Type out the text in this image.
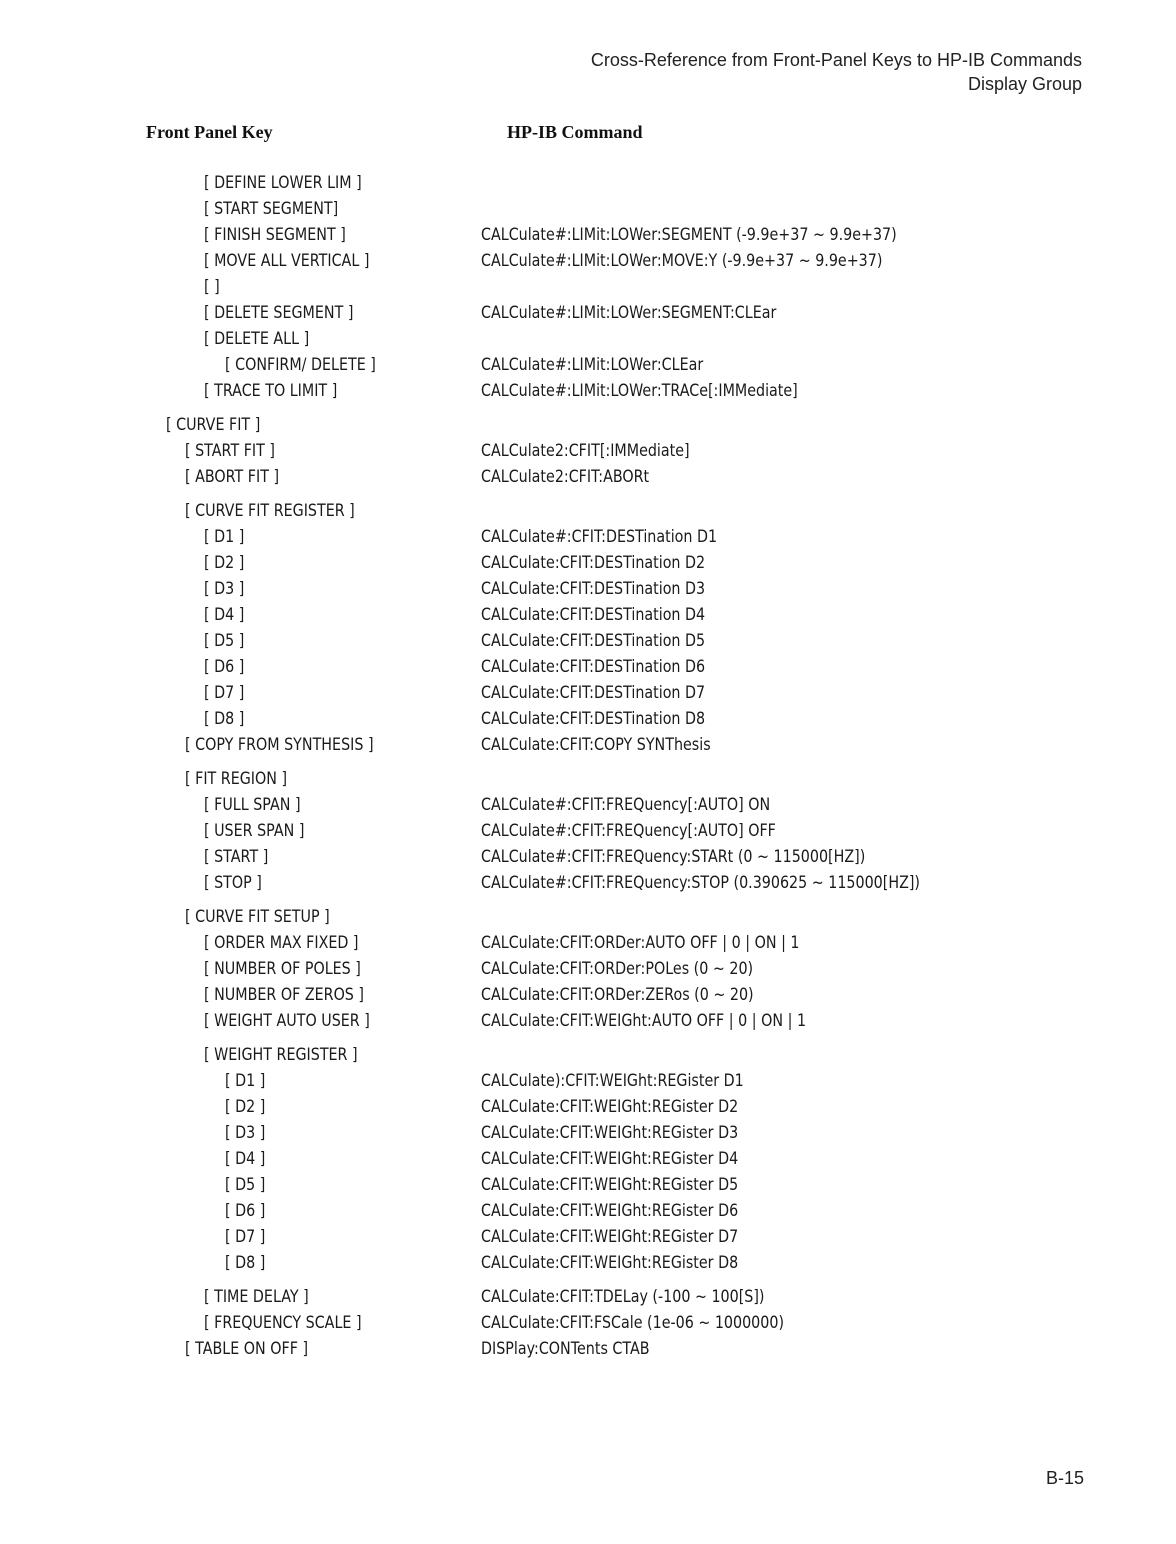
Cross-Reference from Front-Panel Keys to HP-IB Commands
Display Group
Front Panel Key	HP-IB Command
[ DEFINE LOWER LIM ]
[ START SEGMENT]
[ FINISH SEGMENT ]	CALCulate#:LIMit:LOWer:SEGMENT (-9.9e+37 ~ 9.9e+37)
[ MOVE ALL VERTICAL ]	CALCulate#:LIMit:LOWer:MOVE:Y (-9.9e+37 ~ 9.9e+37)
[ ]
[ DELETE SEGMENT ]	CALCulate#:LIMit:LOWer:SEGMENT:CLEar
[ DELETE ALL ]
[ CONFIRM/ DELETE ]	CALCulate#:LIMit:LOWer:CLEar
[ TRACE TO LIMIT ]	CALCulate#:LIMit:LOWer:TRACe[:IMMediate]
[ CURVE FIT ]
[ START FIT ]	CALCulate2:CFIT[:IMMediate]
[ ABORT FIT ]	CALCulate2:CFIT:ABORt
[ CURVE FIT REGISTER ]
[ D1 ]	CALCulate#:CFIT:DESTination D1
[ D2 ]	CALCulate:CFIT:DESTination D2
[ D3 ]	CALCulate:CFIT:DESTination D3
[ D4 ]	CALCulate:CFIT:DESTination D4
[ D5 ]	CALCulate:CFIT:DESTination D5
[ D6 ]	CALCulate:CFIT:DESTination D6
[ D7 ]	CALCulate:CFIT:DESTination D7
[ D8 ]	CALCulate:CFIT:DESTination D8
[ COPY FROM SYNTHESIS ]	CALCulate:CFIT:COPY SYNThesis
[ FIT REGION ]
[ FULL SPAN ]	CALCulate#:CFIT:FREQuency[:AUTO] ON
[ USER SPAN ]	CALCulate#:CFIT:FREQuency[:AUTO] OFF
[ START ]	CALCulate#:CFIT:FREQuency:STARt (0 ~ 115000[HZ])
[ STOP ]	CALCulate#:CFIT:FREQuency:STOP (0.390625 ~ 115000[HZ])
[ CURVE FIT SETUP ]
[ ORDER MAX FIXED ]	CALCulate:CFIT:ORDer:AUTO OFF | 0 | ON | 1
[ NUMBER OF POLES ]	CALCulate:CFIT:ORDer:POLes (0 ~ 20)
[ NUMBER OF ZEROS ]	CALCulate:CFIT:ORDer:ZERos (0 ~ 20)
[ WEIGHT AUTO USER ]	CALCulate:CFIT:WEIGht:AUTO OFF | 0 | ON | 1
[ WEIGHT REGISTER ]
[ D1 ]	CALCulate):CFIT:WEIGht:REGister D1
[ D2 ]	CALCulate:CFIT:WEIGht:REGister D2
[ D3 ]	CALCulate:CFIT:WEIGht:REGister D3
[ D4 ]	CALCulate:CFIT:WEIGht:REGister D4
[ D5 ]	CALCulate:CFIT:WEIGht:REGister D5
[ D6 ]	CALCulate:CFIT:WEIGht:REGister D6
[ D7 ]	CALCulate:CFIT:WEIGht:REGister D7
[ D8 ]	CALCulate:CFIT:WEIGht:REGister D8
[ TIME DELAY ]	CALCulate:CFIT:TDELay (-100 ~ 100[S])
[ FREQUENCY SCALE ]	CALCulate:CFIT:FSCale (1e-06 ~ 1000000)
[ TABLE ON OFF ]	DISPlay:CONTents CTAB
B-15
